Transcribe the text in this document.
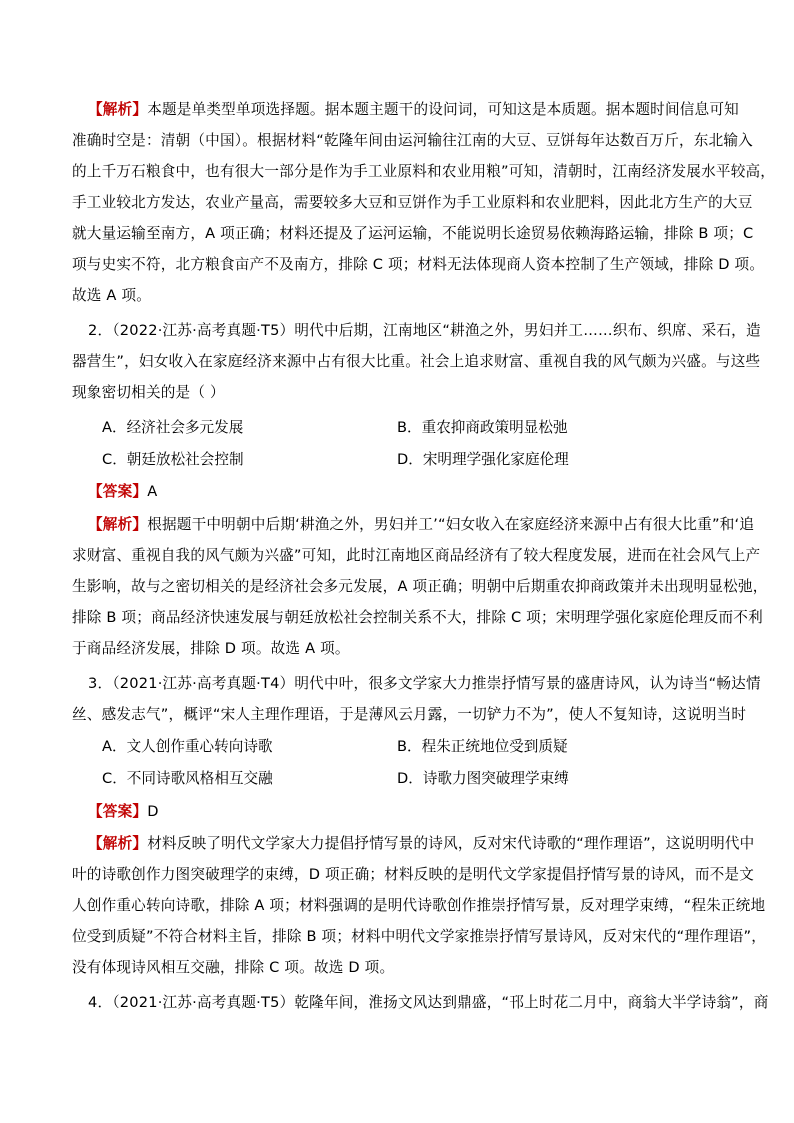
【解析】本题是单类型单项选择题。据本题主题干的设问词，可知这是本质题。据本题时间信息可知
准确时空是：清朝（中国）。根据材料“乾隆年间由运河输往江南的大豆、豆饼每年达数百万斤，东北输入
的上千万石粮食中，也有很大一部分是作为手工业原料和农业用粮”可知，清朝时，江南经济发展水平较高，
手工业较北方发达，农业产量高，需要较多大豆和豆饼作为手工业原料和农业肥料，因此北方生产的大豆
就大量运输至南方，A 项正确；材料还提及了运河运输，不能说明长途贸易依赖海路运输，排除 B 项；C
项与史实不符，北方粮食亩产不及南方，排除 C 项；材料无法体现商人资本控制了生产领域，排除 D 项。
故选 A 项。
2．（2022·江苏·高考真题·T5）明代中后期，江南地区“耕渔之外，男妇并工……织布、织席、采石，造
器营生”，妇女收入在家庭经济来源中占有很大比重。社会上追求财富、重视自我的风气颇为兴盛。与这些
现象密切相关的是（ ）
A．经济社会多元发展	B．重农抑商政策明显松弛
C．朝廷放松社会控制	D．宋明理学强化家庭伦理
【答案】A
【解析】根据题干中明朝中后期‘耕渔之外，男妇并工’“妇女收入在家庭经济来源中占有很大比重”和‘追
求财富、重视自我的风气颇为兴盛”可知，此时江南地区商品经济有了较大程度发展，进而在社会风气上产
生影响，故与之密切相关的是经济社会多元发展，A 项正确；明朝中后期重农抑商政策并未出现明显松弛，
排除 B 项；商品经济快速发展与朝廷放松社会控制关系不大，排除 C 项；宋明理学强化家庭伦理反而不利
于商品经济发展，排除 D 项。故选 A 项。
3．（2021·江苏·高考真题·T4）明代中叶，很多文学家大力推崇抒情写景的盛唐诗风，认为诗当“畅达情
丝、感发志气”，概评“宋人主理作理语，于是薄风云月露，一切铲力不为”，使人不复知诗，这说明当时
A．文人创作重心转向诗歌	B．程朱正统地位受到质疑
C．不同诗歌风格相互交融	D．诗歌力图突破理学束缚
【答案】D
【解析】材料反映了明代文学家大力提倡抒情写景的诗风，反对宋代诗歌的“理作理语”，这说明明代中
叶的诗歌创作力图突破理学的束缚，D 项正确；材料反映的是明代文学家提倡抒情写景的诗风，而不是文
人创作重心转向诗歌，排除 A 项；材料强调的是明代诗歌创作推崇抒情写景，反对理学束缚，“程朱正统地
位受到质疑”不符合材料主旨，排除 B 项；材料中明代文学家推崇抒情写景诗风，反对宋代的“理作理语”，
没有体现诗风相互交融，排除 C 项。故选 D 项。
4．（2021·江苏·高考真题·T5）乾隆年间，淮扬文风达到鼎盛，“邗上时花二月中，商翁大半学诗翁”，商
